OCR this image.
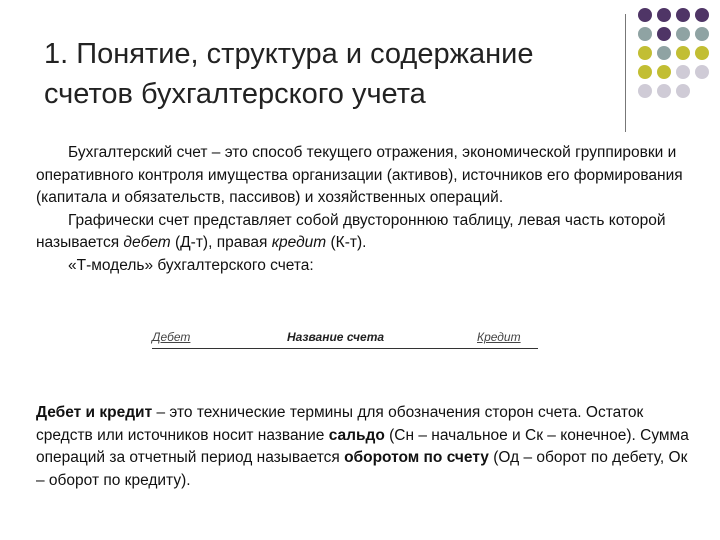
1. Понятие, структура и содержание счетов бухгалтерского учета

Бухгалтерский счет – это способ текущего отражения, экономической группировки и оперативного контроля имущества организации (активов), источников его формирования (капитала и обязательств, пассивов) и хозяйственных операций.

Графически счет представляет собой двустороннюю таблицу, левая часть которой называется дебет (Д-т), правая кредит (К-т).

«Т-модель» бухгалтерского счета:

Дебет	Название счета	Кредит

Дебет и кредит – это технические термины для обозначения сторон счета. Остаток средств или источников носит название сальдо (Сн – начальное и Ск – конечное). Сумма операций за отчетный период называется оборотом по счету (Од – оборот по дебету, Ок – оборот по кредиту).
